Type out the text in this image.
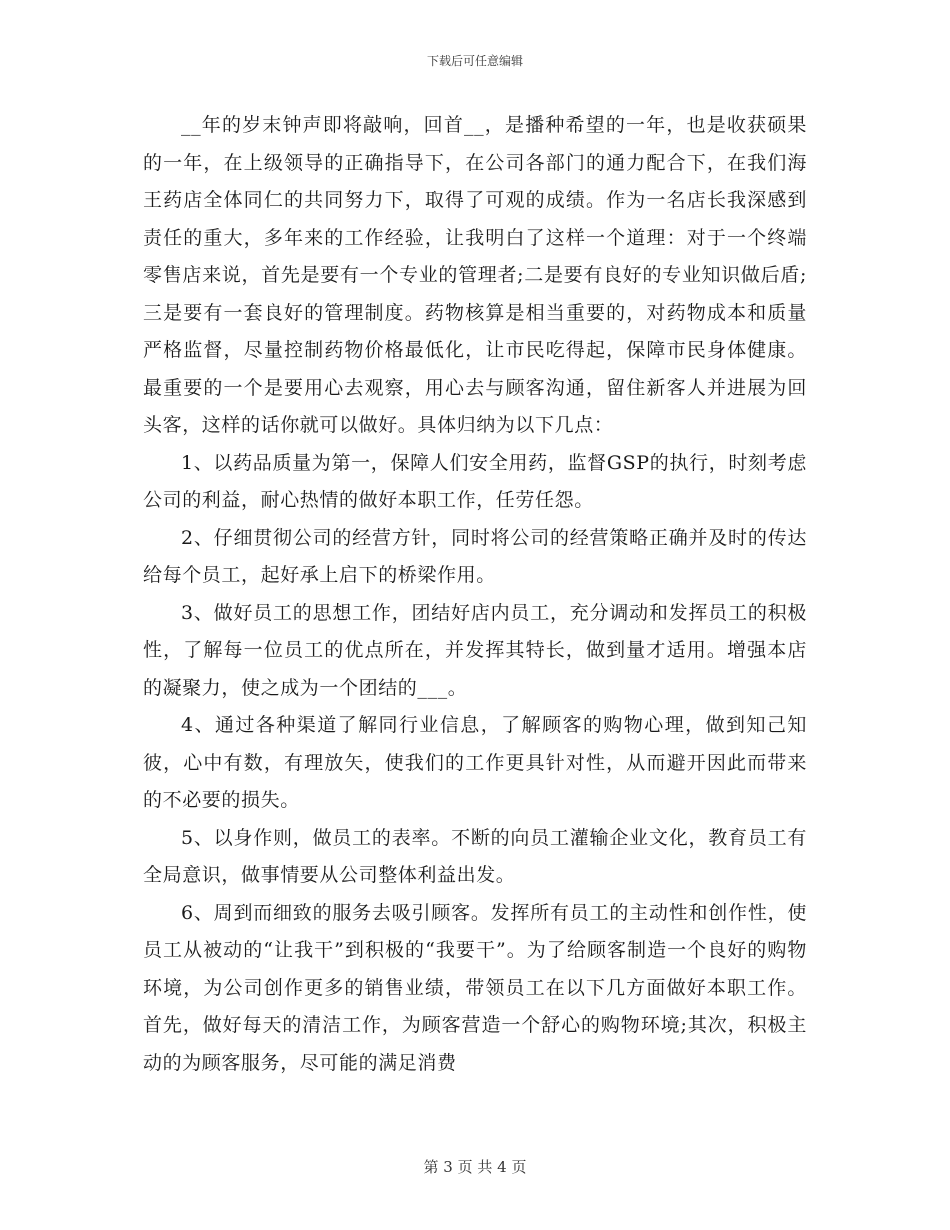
下载后可任意编辑

__年的岁末钟声即将敲响，回首__，是播种希望的一年，也是收获硕果的一年，在上级领导的正确指导下，在公司各部门的通力配合下，在我们海王药店全体同仁的共同努力下，取得了可观的成绩。作为一名店长我深感到责任的重大，多年来的工作经验，让我明白了这样一个道理：对于一个终端零售店来说，首先是要有一个专业的管理者;二是要有良好的专业知识做后盾;三是要有一套良好的管理制度。药物核算是相当重要的，对药物成本和质量严格监督，尽量控制药物价格最低化，让市民吃得起，保障市民身体健康。最重要的一个是要用心去观察，用心去与顾客沟通，留住新客人并进展为回头客，这样的话你就可以做好。具体归纳为以下几点：

1、以药品质量为第一，保障人们安全用药，监督GSP的执行，时刻考虑公司的利益，耐心热情的做好本职工作，任劳任怨。

2、仔细贯彻公司的经营方针，同时将公司的经营策略正确并及时的传达给每个员工，起好承上启下的桥梁作用。

3、做好员工的思想工作，团结好店内员工，充分调动和发挥员工的积极性，了解每一位员工的优点所在，并发挥其特长，做到量才适用。增强本店的凝聚力，使之成为一个团结的___。

4、通过各种渠道了解同行业信息，了解顾客的购物心理，做到知己知彼，心中有数，有理放矢，使我们的工作更具针对性，从而避开因此而带来的不必要的损失。

5、以身作则，做员工的表率。不断的向员工灌输企业文化，教育员工有全局意识，做事情要从公司整体利益出发。

6、周到而细致的服务去吸引顾客。发挥所有员工的主动性和创作性，使员工从被动的“让我干”到积极的“我要干”。为了给顾客制造一个良好的购物环境，为公司创作更多的销售业绩，带领员工在以下几方面做好本职工作。首先，做好每天的清洁工作，为顾客营造一个舒心的购物环境;其次，积极主动的为顾客服务，尽可能的满足消费

第 3 页 共 4 页
